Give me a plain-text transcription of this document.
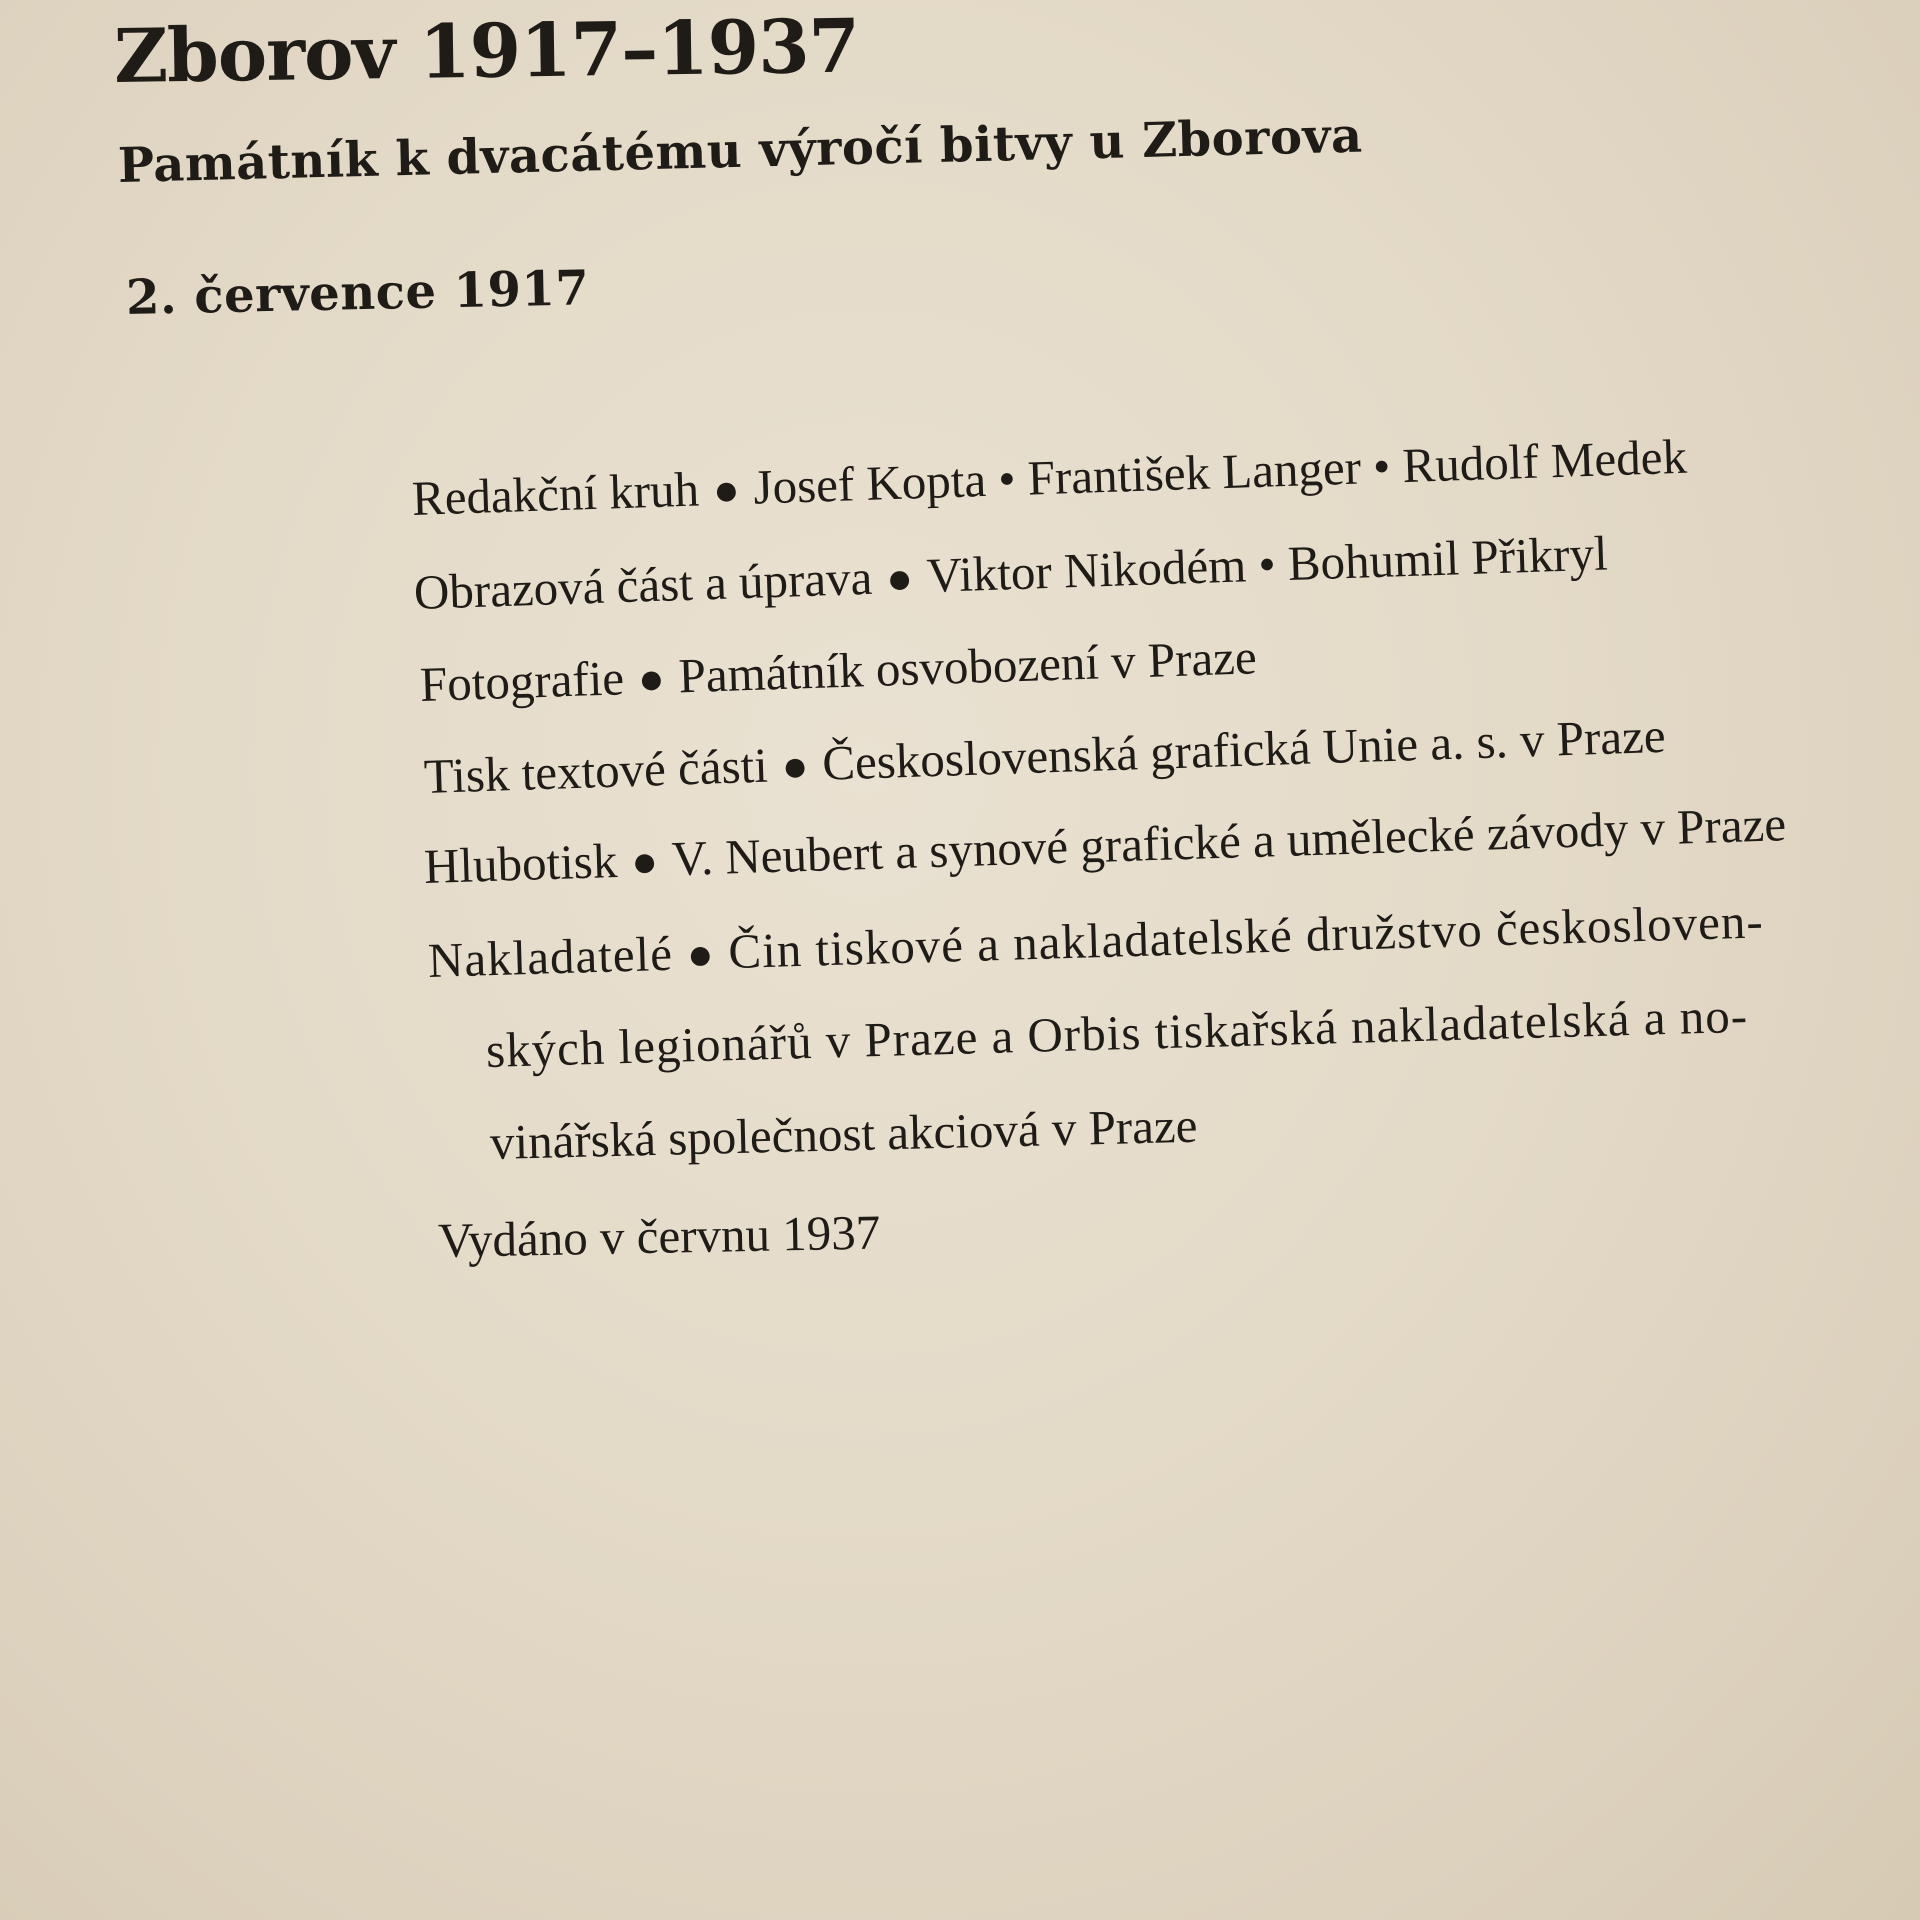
Zborov 1917–1937
Památník k dvacátému výročí bitvy u Zborova
2. července 1917
Redakční kruh ● Josef Kopta • František Langer • Rudolf Medek
Obrazová část a úprava ● Viktor Nikodém • Bohumil Přikryl
Fotografie ● Památník osvobození v Praze
Tisk textové části ● Československá grafická Unie a. s. v Praze
Hlubotisk ● V. Neubert a synové grafické a umělecké závody v Praze
Nakladatelé ● Čin tiskové a nakladatelské družstvo českosloven-
ských legionářů v Praze a Orbis tiskařská nakladatelská a no-
vinářská společnost akciová v Praze
Vydáno v červnu 1937
